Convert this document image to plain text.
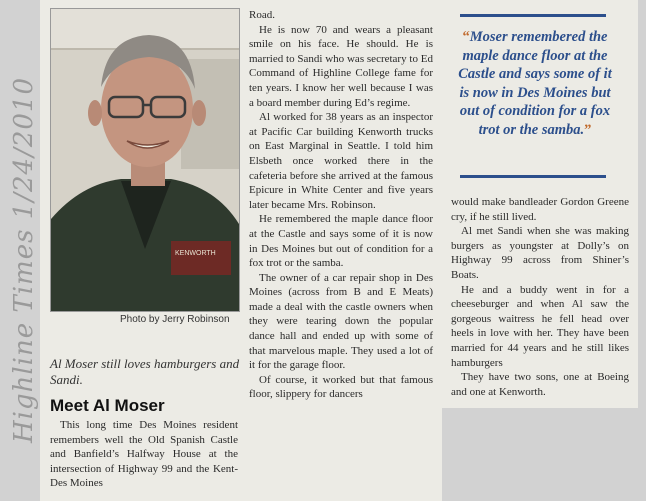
Highline Times 1/24/2010	KENWORTH
Photo by Jerry Robinson
Al Moser still loves hamburgers and Sandi.
Meet Al Moser

This long time Des Moines resident remembers well the Old Spanish Castle and Banfield’s Halfway House at the intersection of Highway 99 and the Kent-Des Moines

Road.

He is now 70 and wears a pleasant smile on his face. He should. He is married to Sandi who was secretary to Ed Command of Highline College fame for ten years. I know her well because I was a board member during Ed’s regime.

Al worked for 38 years as an inspector at Pacific Car building Kenworth trucks on East Marginal in Seattle. I told him Elsbeth once worked there in the cafeteria before she arrived at the famous Epicure in White Center and five years later became Mrs. Robinson.

He remembered the maple dance floor at the Castle and says some of it is now in Des Moines but out of condition for a fox trot or the samba.

The owner of a car repair shop in Des Moines (across from B and E Meats) made a deal with the castle owners when they were tearing down the popular dance hall and ended up with some of that marvelous maple. They used a lot of it for the garage floor.

Of course, it worked but that famous floor, slippery for dancers

“Moser remembered the maple dance floor at the Castle and says some of it is now in Des Moines but out of condition for a fox trot or the samba.”

would make bandleader Gordon Greene cry, if he still lived.

Al met Sandi when she was making burgers as youngster at Dolly’s on Highway 99 across from Shiner’s Boats.

He and a buddy went in for a cheeseburger and when Al saw the gorgeous waitress he fell head over heels in love with her. They have been married for 44 years and he still likes hamburgers

They have two sons, one at Boeing and one at Kenworth.
